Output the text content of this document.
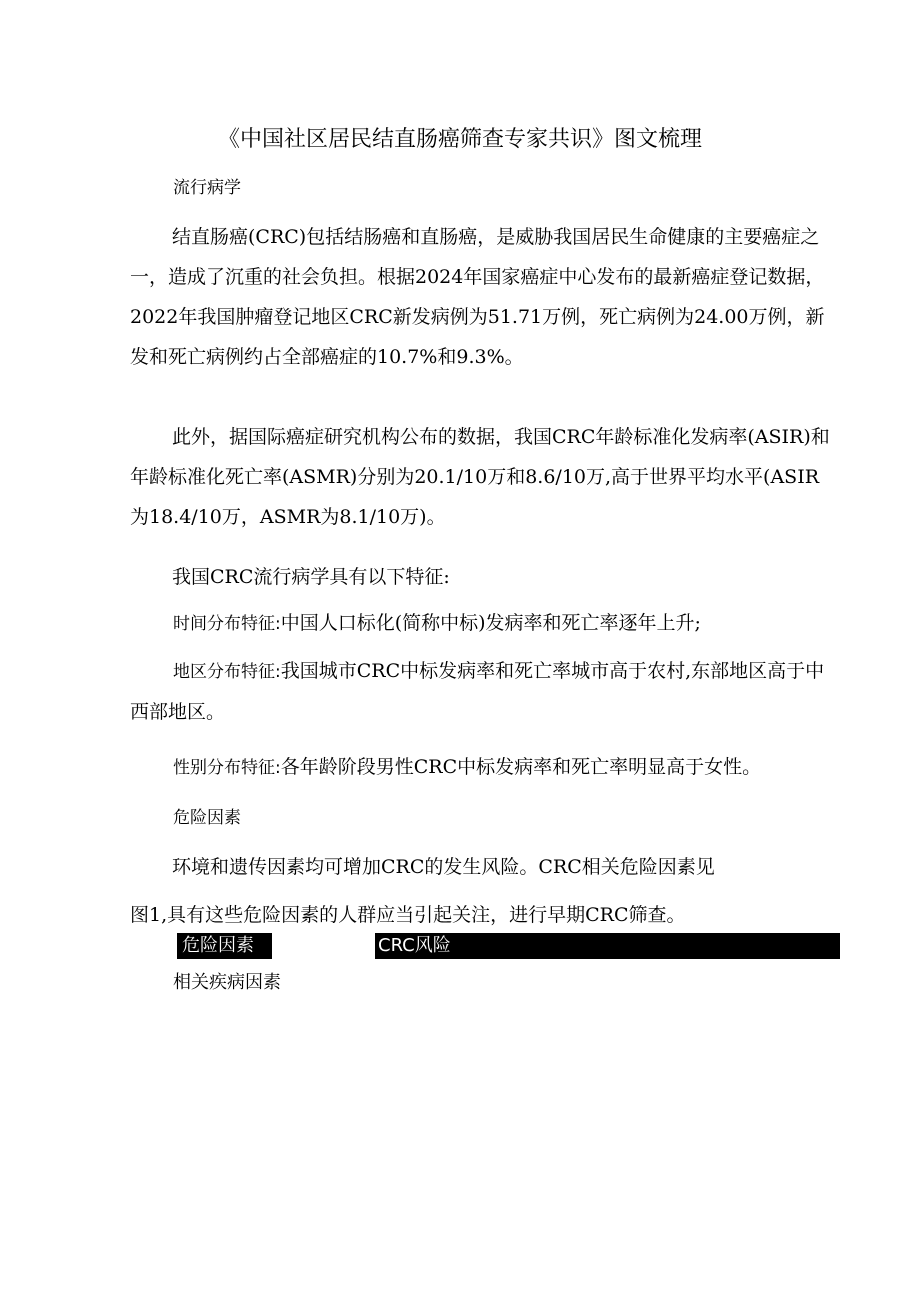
《中国社区居民结直肠癌筛查专家共识》图文梳理
流行病学
结直肠癌(CRC)包括结肠癌和直肠癌，是威胁我国居民生命健康的主要癌症之一，造成了沉重的社会负担。根据2024年国家癌症中心发布的最新癌症登记数据，2022年我国肿瘤登记地区CRC新发病例为51.71万例，死亡病例为24.00万例，新发和死亡病例约占全部癌症的10.7%和9.3%。
此外，据国际癌症研究机构公布的数据，我国CRC年龄标准化发病率(ASIR)和年龄标准化死亡率(ASMR)分别为20.1/10万和8.6/10万,高于世界平均水平(ASIR为18.4/10万，ASMR为8.1/10万)。
我国CRC流行病学具有以下特征:
时间分布特征:中国人口标化(简称中标)发病率和死亡率逐年上升;
地区分布特征:我国城市CRC中标发病率和死亡率城市高于农村,东部地区高于中西部地区。
性别分布特征:各年龄阶段男性CRC中标发病率和死亡率明显高于女性。
危险因素
环境和遗传因素均可增加CRC的发生风险。CRC相关危险因素见
图1,具有这些危险因素的人群应当引起关注，进行早期CRC筛查。
危险因素	CRC风险
相关疾病因素
